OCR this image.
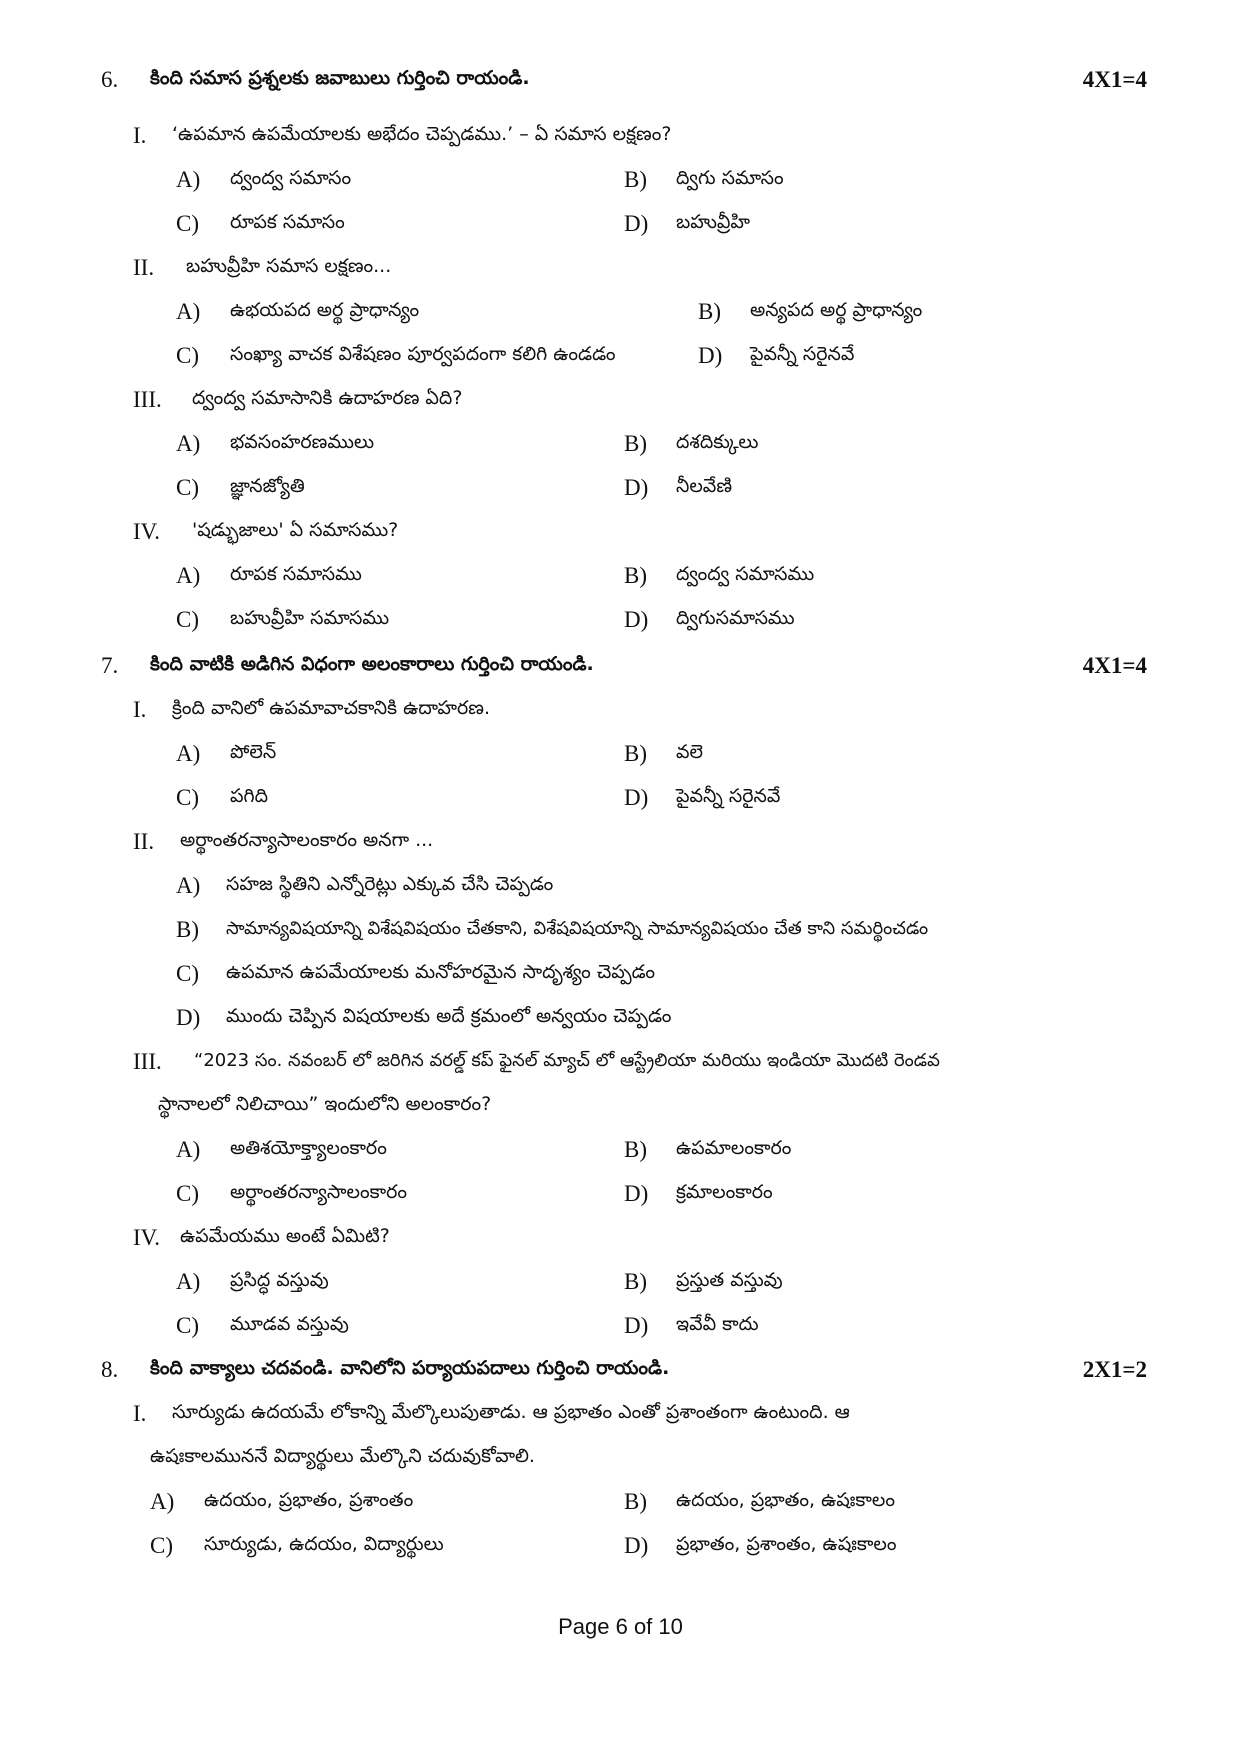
6. కింది సమాస ప్రశ్నలకు జవాబులు గుర్తించి రాయండి.	4X1=4
I. ‘ఉపమాన ఉపమేయాలకు అభేదం చెప్పడము.’ – ఏ సమాస లక్షణం?
A) ద్వంద్వ సమాసం	B) ద్విగు సమాసం
C) రూపక సమాసం	D) బహువ్రీహి
II. బహువ్రీహి సమాస లక్షణం...
A) ఉభయపద అర్థ ప్రాధాన్యం	B) అన్యపద అర్థ ప్రాధాన్యం
C) సంఖ్యా వాచక విశేషణం పూర్వపదంగా కలిగి ఉండడం	D) పైవన్నీ సరైనవే
III. ద్వంద్వ సమాసానికి ఉదాహరణ ఏది?
A) భవసంహరణములు	B) దశదిక్కులు
C) జ్ఞానజ్యోతి	D) నీలవేణి
IV. 'షడ్భుజాలు' ఏ సమాసము?
A) రూపక సమాసము	B) ద్వంద్వ సమాసము
C) బహువ్రీహి సమాసము	D) ద్విగుసమాసము
7. కింది వాటికి అడిగిన విధంగా అలంకారాలు గుర్తించి రాయండి.	4X1=4
I. క్రింది వానిలో ఉపమావాచకానికి ఉదాహరణ.
A) పోలెన్	B) వలె
C) పగిది	D) పైవన్నీ సరైనవే
II. అర్థాంతరన్యాసాలంకారం అనగా ...
A) సహజ స్థితిని ఎన్నోరెట్లు ఎక్కువ చేసి చెప్పడం
B) సామాన్యవిషయాన్ని విశేషవిషయం చేతకాని, విశేషవిషయాన్ని సామాన్యవిషయం చేత కాని సమర్థించడం
C) ఉపమాన ఉపమేయాలకు మనోహరమైన సాదృశ్యం చెప్పడం
D) ముందు చెప్పిన విషయాలకు అదే క్రమంలో అన్వయం చెప్పడం
III. “2023 సం. నవంబర్ లో జరిగిన వరల్డ్ కప్ ఫైనల్ మ్యాచ్ లో ఆస్ట్రేలియా మరియు ఇండియా మొదటి రెండవ
స్థానాలలో నిలిచాయి” ఇందులోని అలంకారం?
A) అతిశయోక్త్యాలంకారం	B) ఉపమాలంకారం
C) అర్థాంతరన్యాసాలంకారం	D) క్రమాలంకారం
IV. ఉపమేయము అంటే ఏమిటి?
A) ప్రసిద్ధ వస్తువు	B) ప్రస్తుత వస్తువు
C) మూడవ వస్తువు	D) ఇవేవీ కాదు
8. కింది వాక్యాలు చదవండి. వానిలోని పర్యాయపదాలు గుర్తించి రాయండి.	2X1=2
I. సూర్యుడు ఉదయమే లోకాన్ని మేల్కొలుపుతాడు. ఆ ప్రభాతం ఎంతో ప్రశాంతంగా ఉంటుంది. ఆ
ఉషఃకాలముననే విద్యార్థులు మేల్కొని చదువుకోవాలి.
A) ఉదయం, ప్రభాతం, ప్రశాంతం	B) ఉదయం, ప్రభాతం, ఉషఃకాలం
C) సూర్యుడు, ఉదయం, విద్యార్థులు	D) ప్రభాతం, ప్రశాంతం, ఉషఃకాలం
Page 6 of 10
